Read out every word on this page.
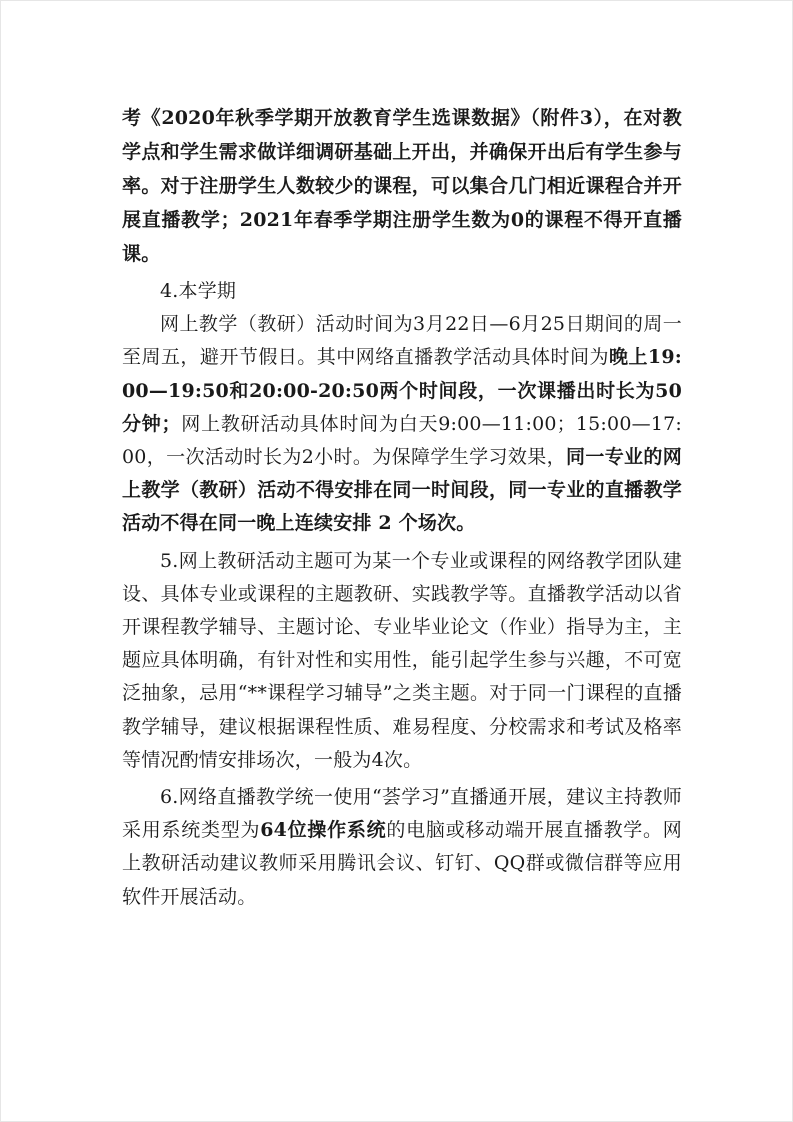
考《2020年秋季学期开放教育学生选课数据》（附件3），在对教学点和学生需求做详细调研基础上开出，并确保开出后有学生参与率。对于注册学生人数较少的课程，可以集合几门相近课程合并开展直播教学；2021年春季学期注册学生数为0的课程不得开直播课。

4.本学期

网上教学（教研）活动时间为3月22日—6月25日期间的周一至周五，避开节假日。其中网络直播教学活动具体时间为晚上19:00—19:50和20:00-20:50两个时间段，一次课播出时长为50分钟；网上教研活动具体时间为白天9:00—11:00；15:00—17:00，一次活动时长为2小时。为保障学生学习效果，同一专业的网上教学（教研）活动不得安排在同一时间段，同一专业的直播教学活动不得在同一晚上连续安排 2 个场次。

5.网上教研活动主题可为某一个专业或课程的网络教学团队建设、具体专业或课程的主题教研、实践教学等。直播教学活动以省开课程教学辅导、主题讨论、专业毕业论文（作业）指导为主，主题应具体明确，有针对性和实用性，能引起学生参与兴趣，不可宽泛抽象，忌用“**课程学习辅导”之类主题。对于同一门课程的直播教学辅导，建议根据课程性质、难易程度、分校需求和考试及格率等情况酌情安排场次，一般为4次。

6.网络直播教学统一使用“荟学习”直播通开展，建议主持教师采用系统类型为64位操作系统的电脑或移动端开展直播教学。网上教研活动建议教师采用腾讯会议、钉钉、QQ群或微信群等应用软件开展活动。
